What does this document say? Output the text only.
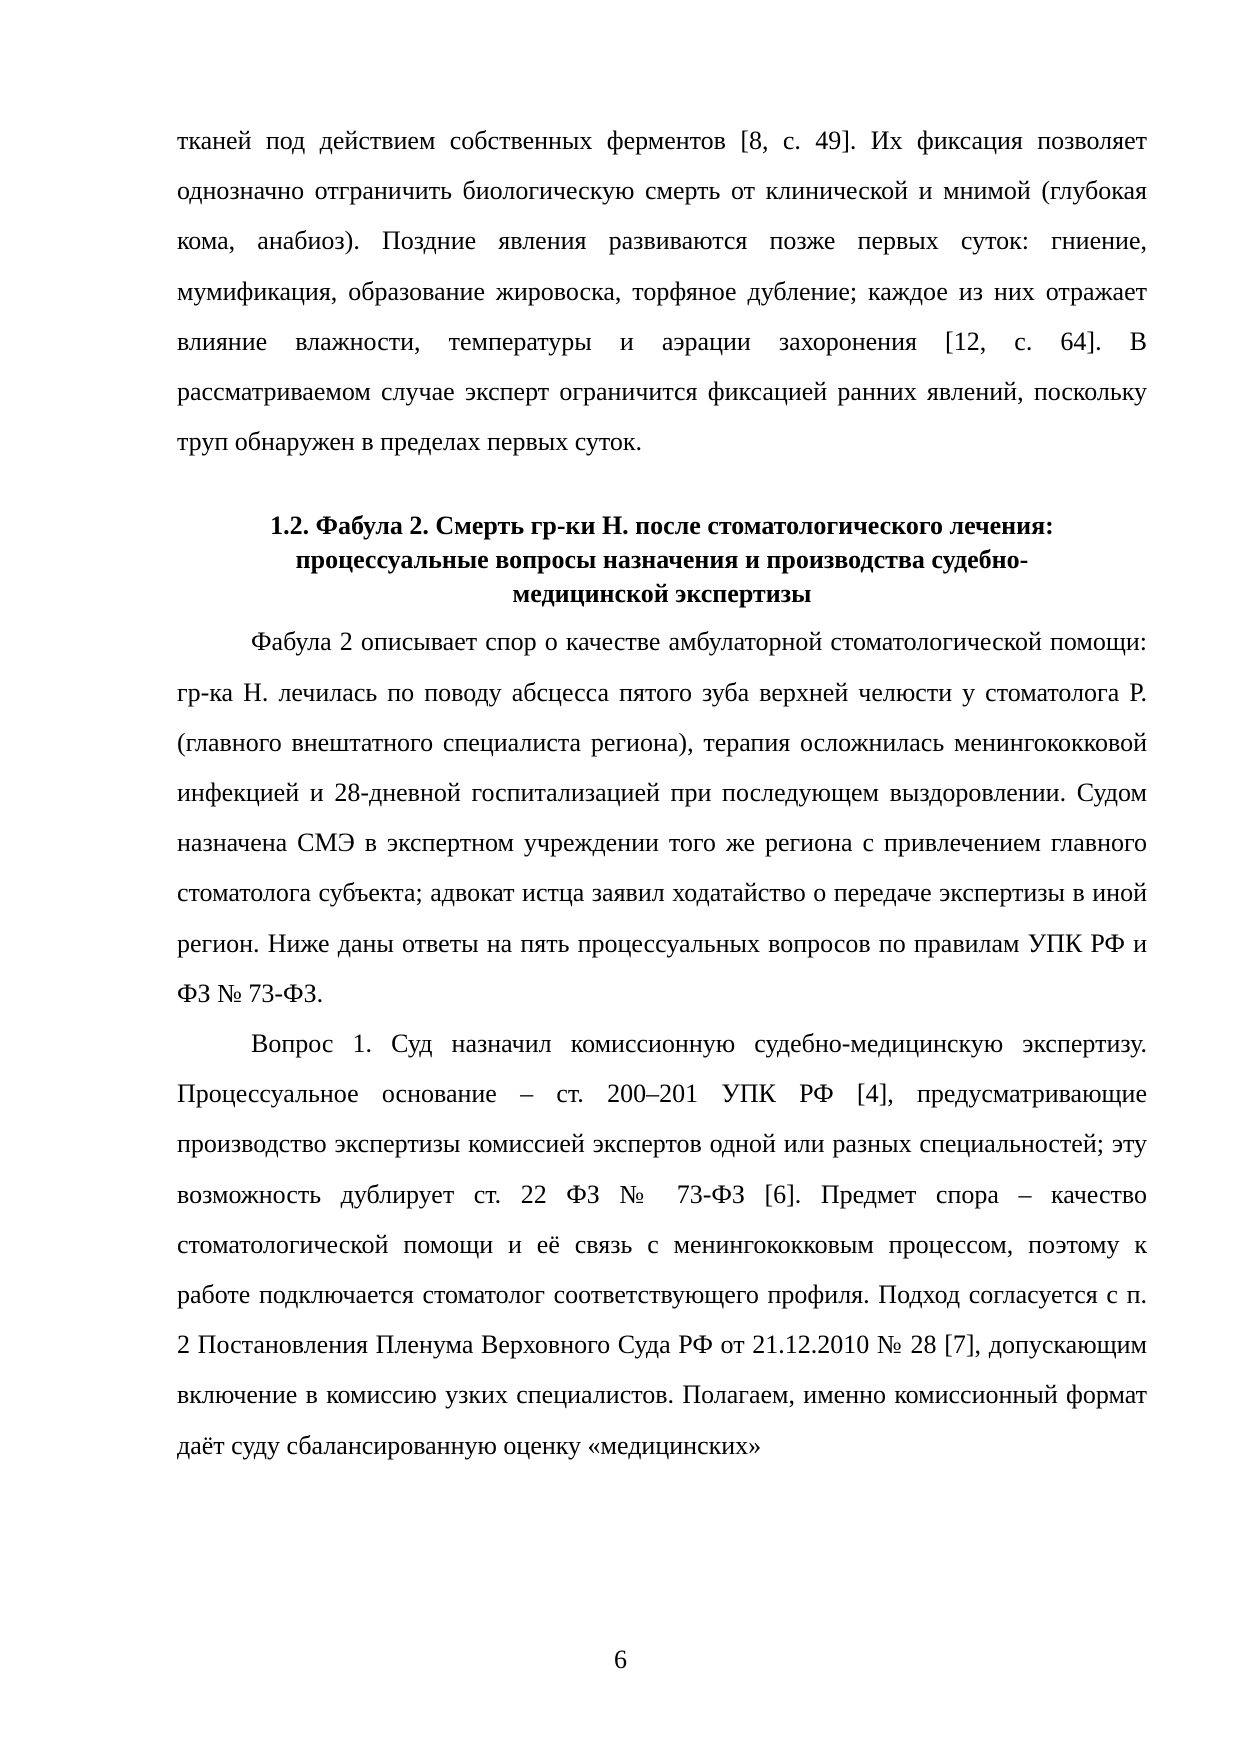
тканей под действием собственных ферментов [8, с. 49]. Их фиксация позволяет однозначно отграничить биологическую смерть от клинической и мнимой (глубокая кома, анабиоз). Поздние явления развиваются позже первых суток: гниение, мумификация, образование жировоска, торфяное дубление; каждое из них отражает влияние влажности, температуры и аэрации захоронения [12, с. 64]. В рассматриваемом случае эксперт ограничится фиксацией ранних явлений, поскольку труп обнаружен в пределах первых суток.

1.2. Фабула 2. Смерть гр-ки Н. после стоматологического лечения:
процессуальные вопросы назначения и производства судебно-
медицинской экспертизы

Фабула 2 описывает спор о качестве амбулаторной стоматологической помощи: гр-ка Н. лечилась по поводу абсцесса пятого зуба верхней челюсти у стоматолога Р. (главного внештатного специалиста региона), терапия осложнилась менингококковой инфекцией и 28-дневной госпитализацией при последующем выздоровлении. Судом назначена СМЭ в экспертном учреждении того же региона с привлечением главного стоматолога субъекта; адвокат истца заявил ходатайство о передаче экспертизы в иной регион. Ниже даны ответы на пять процессуальных вопросов по правилам УПК РФ и ФЗ № 73-ФЗ.

Вопрос 1. Суд назначил комиссионную судебно-медицинскую экспертизу. Процессуальное основание – ст. 200–201 УПК РФ [4], предусматривающие производство экспертизы комиссией экспертов одной или разных специальностей; эту возможность дублирует ст. 22 ФЗ № 73-ФЗ [6]. Предмет спора – качество стоматологической помощи и её связь с менингококковым процессом, поэтому к работе подключается стоматолог соответствующего профиля. Подход согласуется с п. 2 Постановления Пленума Верховного Суда РФ от 21.12.2010 № 28 [7], допускающим включение в комиссию узких специалистов. Полагаем, именно комиссионный формат даёт суду сбалансированную оценку «медицинских»

6
